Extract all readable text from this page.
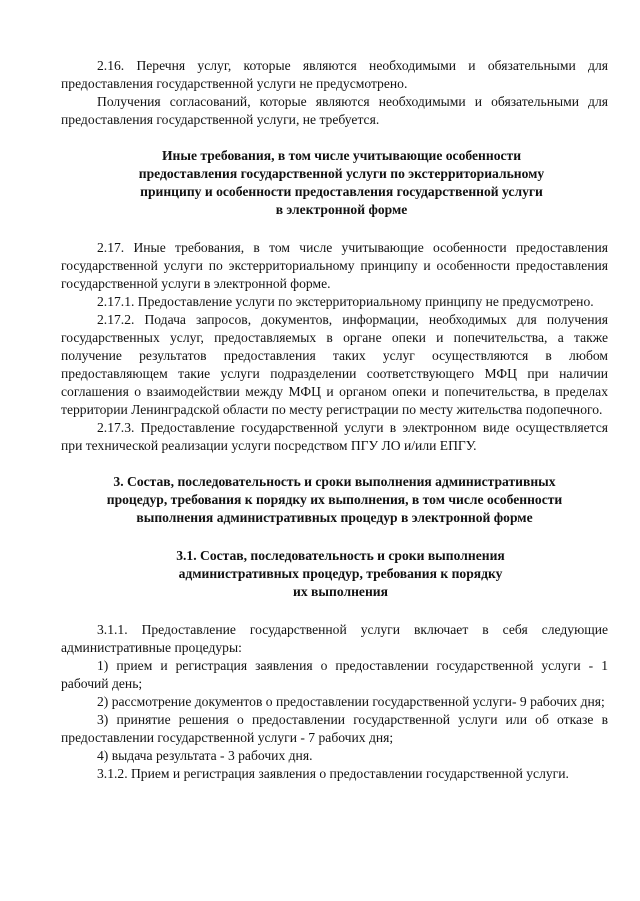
2.16. Перечня услуг, которые являются необходимыми и обязательными для предоставления государственной услуги не предусмотрено.

Получения согласований, которые являются необходимыми и обязательными для предоставления государственной услуги, не требуется.

Иные требования, в том числе учитывающие особенности
предоставления государственной услуги по экстерриториальному
принципу и особенности предоставления государственной услуги
в электронной форме

2.17. Иные требования, в том числе учитывающие особенности предоставления государственной услуги по экстерриториальному принципу и особенности предоставления государственной услуги в электронной форме.

2.17.1. Предоставление услуги по экстерриториальному принципу не предусмотрено.

2.17.2. Подача запросов, документов, информации, необходимых для получения государственных услуг, предоставляемых в органе опеки и попечительства, а также получение результатов предоставления таких услуг осуществляются в любом предоставляющем такие услуги подразделении соответствующего МФЦ при наличии соглашения о взаимодействии между МФЦ и органом опеки и попечительства, в пределах территории Ленинградской области по месту регистрации по месту жительства подопечного.

2.17.3. Предоставление государственной услуги в электронном виде осуществляется при технической реализации услуги посредством ПГУ ЛО и/или ЕПГУ.

3. Состав, последовательность и сроки выполнения административных
процедур, требования к порядку их выполнения, в том числе особенности
выполнения административных процедур в электронной форме
3.1. Состав, последовательность и сроки выполнения
административных процедур, требования к порядку
их выполнения

3.1.1. Предоставление государственной услуги включает в себя следующие административные процедуры:

1) прием и регистрация заявления о предоставлении государственной услуги - 1 рабочий день;

2) рассмотрение документов о предоставлении государственной услуги- 9 рабочих дня;

3) принятие решения о предоставлении государственной услуги или об отказе в предоставлении государственной услуги - 7 рабочих дня;

4) выдача результата - 3 рабочих дня.

3.1.2. Прием и регистрация заявления о предоставлении государственной услуги.
